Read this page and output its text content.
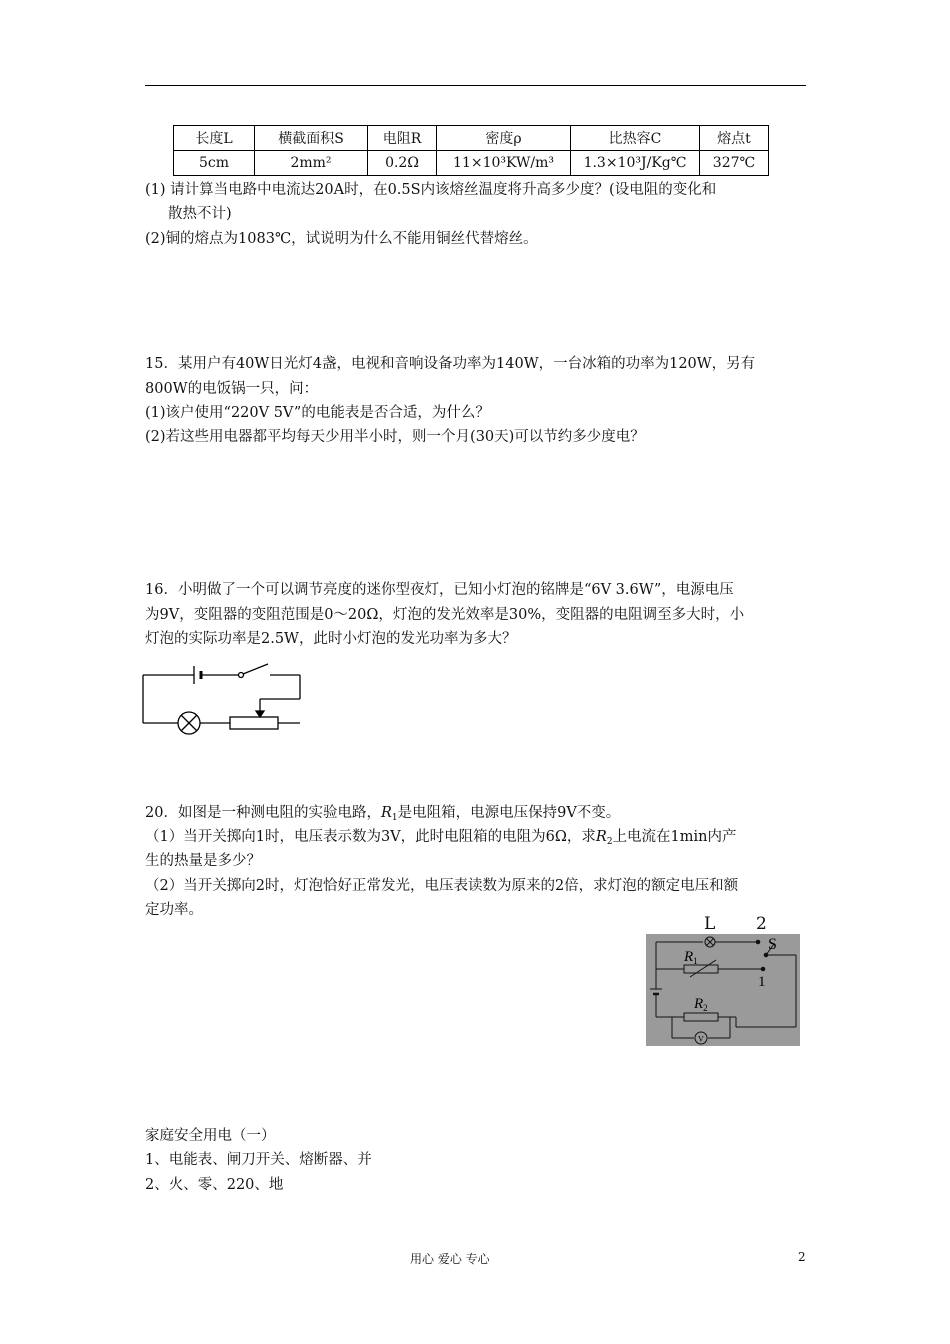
长度L	横截面积S	电阻R	密度ρ	比热容C	熔点t
5cm	2mm²	0.2Ω	11×10³KW/m³	1.3×10³J/Kg℃	327℃
(1) 请计算当电路中电流达20A时，在0.5S内该熔丝温度将升高多少度？(设电阻的变化和
散热不计)
(2)铜的熔点为1083℃，试说明为什么不能用铜丝代替熔丝。
15．某用户有40W日光灯4盏，电视和音响设备功率为140W，一台冰箱的功率为120W，另有
800W的电饭锅一只，问：
(1)该户使用“220V 5V”的电能表是否合适，为什么？
(2)若这些用电器都平均每天少用半小时，则一个月(30天)可以节约多少度电？
16．小明做了一个可以调节亮度的迷你型夜灯，已知小灯泡的铭牌是“6V 3.6W”，电源电压
为9V，变阻器的变阻范围是0～20Ω，灯泡的发光效率是30%，变阻器的电阻调至多大时，小
灯泡的实际功率是2.5W，此时小灯泡的发光功率为多大？
20．如图是一种测电阻的实验电路，$R_1$是电阻箱，电源电压保持9V不变。
（1）当开关掷向1时，电压表示数为3V，此时电阻箱的电阻为6Ω，求$R_2$上电流在1min内产
生的热量是多少？
（2）当开关掷向2时，灯泡恰好正常发光，电压表读数为原来的2倍，求灯泡的额定电压和额
定功率。
L 2
V
$R_1$
$R_2$
S
1
家庭安全用电（一）
1、电能表、闸刀开关、熔断器、并
2、火、零、220、地
用心 爱心 专心	2
